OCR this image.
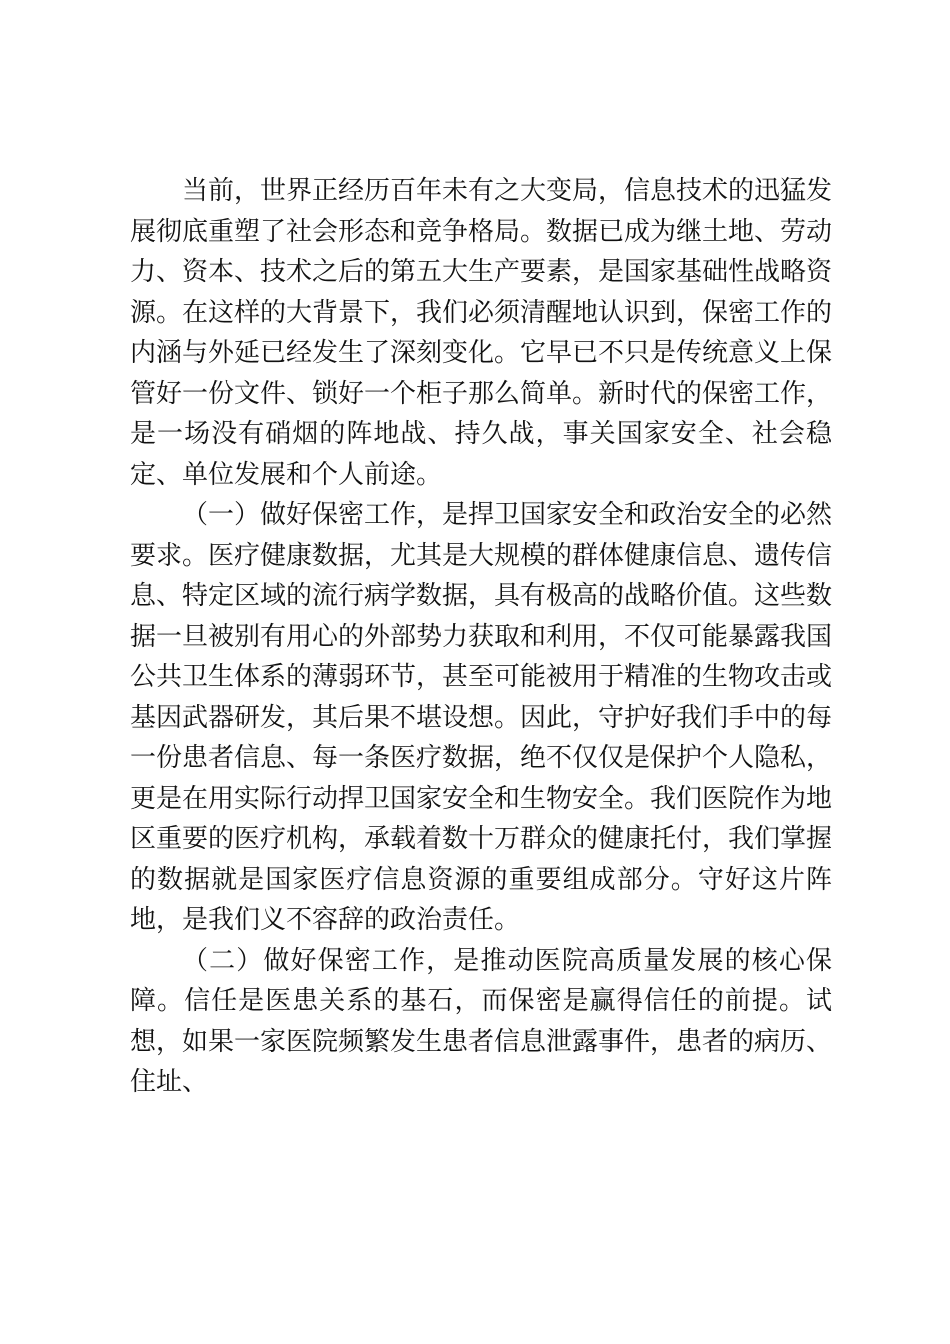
当前，世界正经历百年未有之大变局，信息技术的迅猛发展彻底重塑了社会形态和竞争格局。数据已成为继土地、劳动力、资本、技术之后的第五大生产要素，是国家基础性战略资源。在这样的大背景下，我们必须清醒地认识到，保密工作的内涵与外延已经发生了深刻变化。它早已不只是传统意义上保管好一份文件、锁好一个柜子那么简单。新时代的保密工作，是一场没有硝烟的阵地战、持久战，事关国家安全、社会稳定、单位发展和个人前途。

（一）做好保密工作，是捍卫国家安全和政治安全的必然要求。医疗健康数据，尤其是大规模的群体健康信息、遗传信息、特定区域的流行病学数据，具有极高的战略价值。这些数据一旦被别有用心的外部势力获取和利用，不仅可能暴露我国公共卫生体系的薄弱环节，甚至可能被用于精准的生物攻击或基因武器研发，其后果不堪设想。因此，守护好我们手中的每一份患者信息、每一条医疗数据，绝不仅仅是保护个人隐私，更是在用实际行动捍卫国家安全和生物安全。我们医院作为地区重要的医疗机构，承载着数十万群众的健康托付，我们掌握的数据就是国家医疗信息资源的重要组成部分。守好这片阵地，是我们义不容辞的政治责任。

（二）做好保密工作，是推动医院高质量发展的核心保障。信任是医患关系的基石，而保密是赢得信任的前提。试想，如果一家医院频繁发生患者信息泄露事件，患者的病历、住址、
